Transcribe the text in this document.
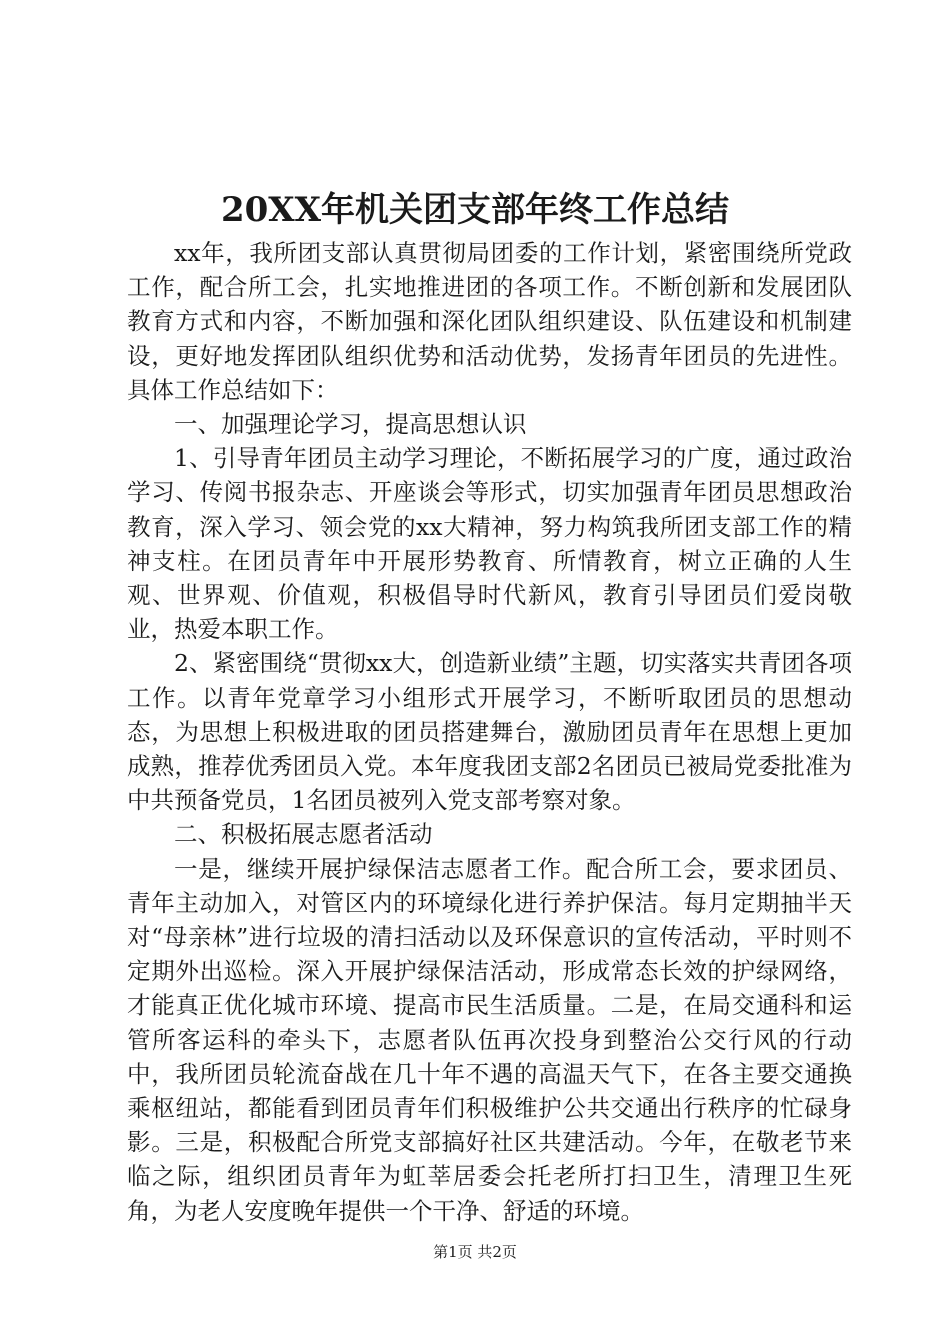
20XX年机关团支部年终工作总结

xx年，我所团支部认真贯彻局团委的工作计划，紧密围绕所党政工作，配合所工会，扎实地推进团的各项工作。不断创新和发展团队教育方式和内容，不断加强和深化团队组织建设、队伍建设和机制建设，更好地发挥团队组织优势和活动优势，发扬青年团员的先进性。具体工作总结如下：

一、加强理论学习，提高思想认识

1、引导青年团员主动学习理论，不断拓展学习的广度，通过政治学习、传阅书报杂志、开座谈会等形式，切实加强青年团员思想政治教育，深入学习、领会党的xx大精神，努力构筑我所团支部工作的精神支柱。在团员青年中开展形势教育、所情教育，树立正确的人生观、世界观、价值观，积极倡导时代新风，教育引导团员们爱岗敬业，热爱本职工作。

2、紧密围绕“贯彻xx大，创造新业绩”主题，切实落实共青团各项工作。以青年党章学习小组形式开展学习，不断听取团员的思想动态，为思想上积极进取的团员搭建舞台，激励团员青年在思想上更加成熟，推荐优秀团员入党。本年度我团支部2名团员已被局党委批准为中共预备党员，1名团员被列入党支部考察对象。

二、积极拓展志愿者活动

一是，继续开展护绿保洁志愿者工作。配合所工会，要求团员、青年主动加入，对管区内的环境绿化进行养护保洁。每月定期抽半天对“母亲林”进行垃圾的清扫活动以及环保意识的宣传活动，平时则不定期外出巡检。深入开展护绿保洁活动，形成常态长效的护绿网络，才能真正优化城市环境、提高市民生活质量。二是，在局交通科和运管所客运科的牵头下，志愿者队伍再次投身到整治公交行风的行动中，我所团员轮流奋战在几十年不遇的高温天气下，在各主要交通换乘枢纽站，都能看到团员青年们积极维护公共交通出行秩序的忙碌身影。三是，积极配合所党支部搞好社区共建活动。今年，在敬老节来临之际，组织团员青年为虹莘居委会托老所打扫卫生，清理卫生死角，为老人安度晚年提供一个干净、舒适的环境。

第1页 共2页
